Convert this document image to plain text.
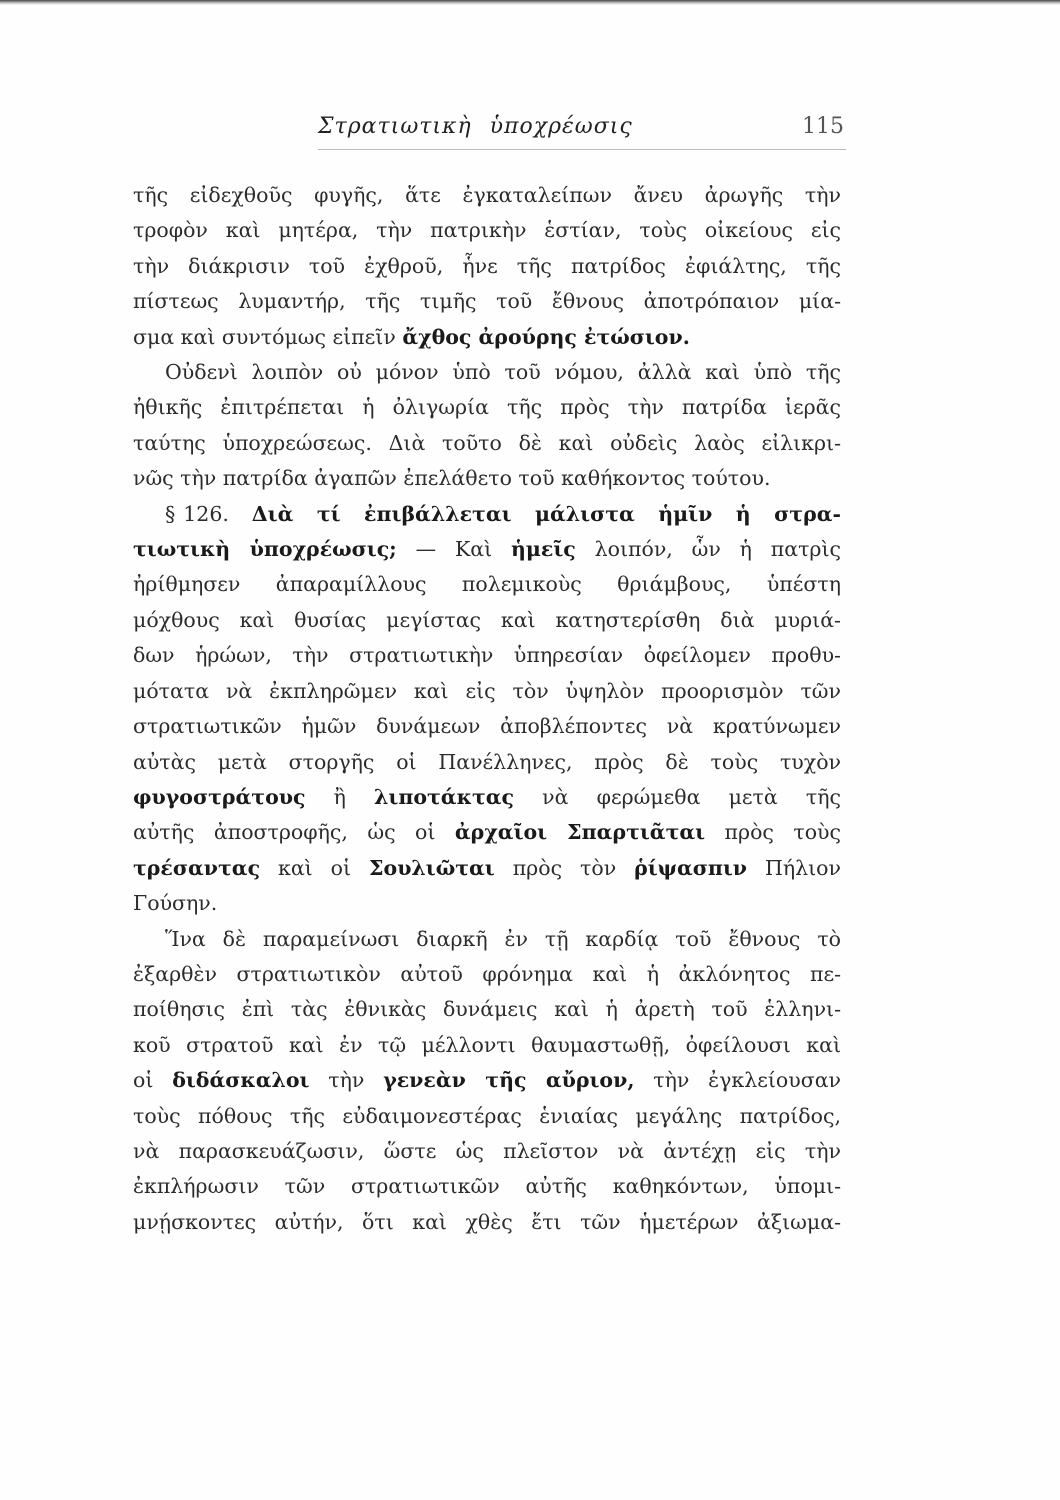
Στρατιωτικὴ ὑποχρέωσις	115
τῆς εἰδεχθοῦς φυγῆς, ἅτε ἐγκαταλείπων ἄνευ ἀρωγῆς τὴν
τροφὸν καὶ μητέρα, τὴν πατρικὴν ἑστίαν, τοὺς οἰκείους εἰς
τὴν διάκρισιν τοῦ ἐχθροῦ, ἧνε τῆς πατρίδος ἐφιάλτης, τῆς
πίστεως λυμαντήρ, τῆς τιμῆς τοῦ ἔθνους ἀποτρόπαιον μία-
σμα καὶ συντόμως εἰπεῖν ἄχθος ἀρούρης ἐτώσιον.
Οὐδενὶ λοιπὸν οὐ μόνον ὑπὸ τοῦ νόμου, ἀλλὰ καὶ ὑπὸ τῆς
ἠθικῆς ἐπιτρέπεται ἡ ὀλιγωρία τῆς πρὸς τὴν πατρίδα ἱερᾶς
ταύτης ὑποχρεώσεως. Διὰ τοῦτο δὲ καὶ οὐδεὶς λαὸς εἰλικρι-
νῶς τὴν πατρίδα ἀγαπῶν ἐπελάθετο τοῦ καθήκοντος τούτου.
§ 126. Διὰ τί ἐπιβάλλεται μάλιστα ἡμῖν ἡ στρα-
τιωτικὴ ὑποχρέωσις; — Καὶ ἡμεῖς λοιπόν, ὧν ἡ πατρὶς
ἠρίθμησεν ἀπαραμίλλους πολεμικοὺς θριάμβους, ὑπέστη
μόχθους καὶ θυσίας μεγίστας καὶ κατηστερίσθη διὰ μυριά-
δων ἡρώων, τὴν στρατιωτικὴν ὑπηρεσίαν ὀφείλομεν προθυ-
μότατα νὰ ἐκπληρῶμεν καὶ εἰς τὸν ὑψηλὸν προορισμὸν τῶν
στρατιωτικῶν ἡμῶν δυνάμεων ἀποβλέποντες νὰ κρατύνωμεν
αὐτὰς μετὰ στοργῆς οἱ Πανέλληνες, πρὸς δὲ τοὺς τυχὸν
φυγοστράτους ἢ λιποτάκτας νὰ φερώμεθα μετὰ τῆς
αὐτῆς ἀποστροφῆς, ὡς οἱ ἀρχαῖοι Σπαρτιᾶται πρὸς τοὺς
τρέσαντας καὶ οἱ Σουλιῶται πρὸς τὸν ῥίψασπιν Πήλιον
Γούσην.
Ἵνα δὲ παραμείνωσι διαρκῆ ἐν τῇ καρδίᾳ τοῦ ἔθνους τὸ
ἐξαρθὲν στρατιωτικὸν αὐτοῦ φρόνημα καὶ ἡ ἀκλόνητος πε-
ποίθησις ἐπὶ τὰς ἐθνικὰς δυνάμεις καὶ ἡ ἀρετὴ τοῦ ἑλληνι-
κοῦ στρατοῦ καὶ ἐν τῷ μέλλοντι θαυμαστωθῇ, ὀφείλουσι καὶ
οἱ διδάσκαλοι τὴν γενεὰν τῆς αὔριον, τὴν ἐγκλείουσαν
τοὺς πόθους τῆς εὐδαιμονεστέρας ἑνιαίας μεγάλης πατρίδος,
νὰ παρασκευάζωσιν, ὥστε ὡς πλεῖστον νὰ ἀντέχῃ εἰς τὴν
ἐκπλήρωσιν τῶν στρατιωτικῶν αὐτῆς καθηκόντων, ὑπομι-
μνῄσκοντες αὐτήν, ὅτι καὶ χθὲς ἔτι τῶν ἡμετέρων ἀξιωμα-
